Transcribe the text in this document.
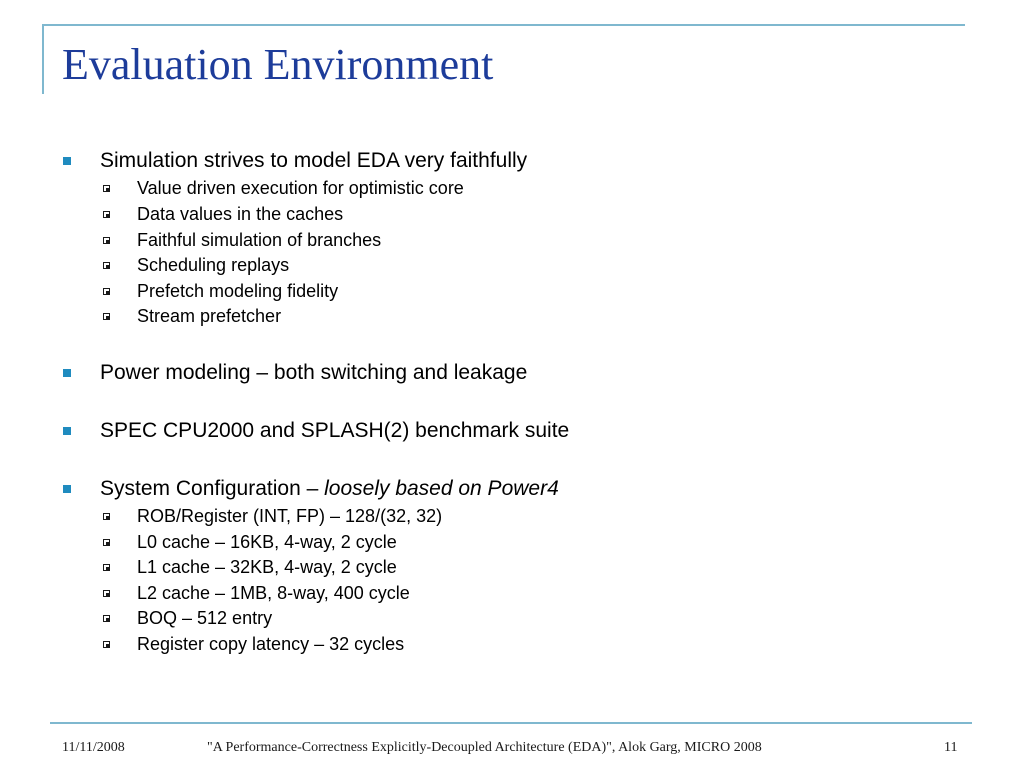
Evaluation Environment
Simulation strives to model EDA very faithfully
Value driven execution for optimistic core
Data values in the caches
Faithful simulation of branches
Scheduling replays
Prefetch modeling fidelity
Stream prefetcher
Power modeling – both switching and leakage
SPEC CPU2000 and SPLASH(2) benchmark suite
System Configuration – loosely based on Power4
ROB/Register (INT, FP) – 128/(32, 32)
L0 cache – 16KB, 4-way, 2 cycle
L1 cache – 32KB, 4-way, 2 cycle
L2 cache – 1MB, 8-way, 400 cycle
BOQ – 512 entry
Register copy latency – 32 cycles
11/11/2008	"A Performance-Correctness Explicitly-Decoupled Architecture (EDA)", Alok Garg, MICRO 2008	11
